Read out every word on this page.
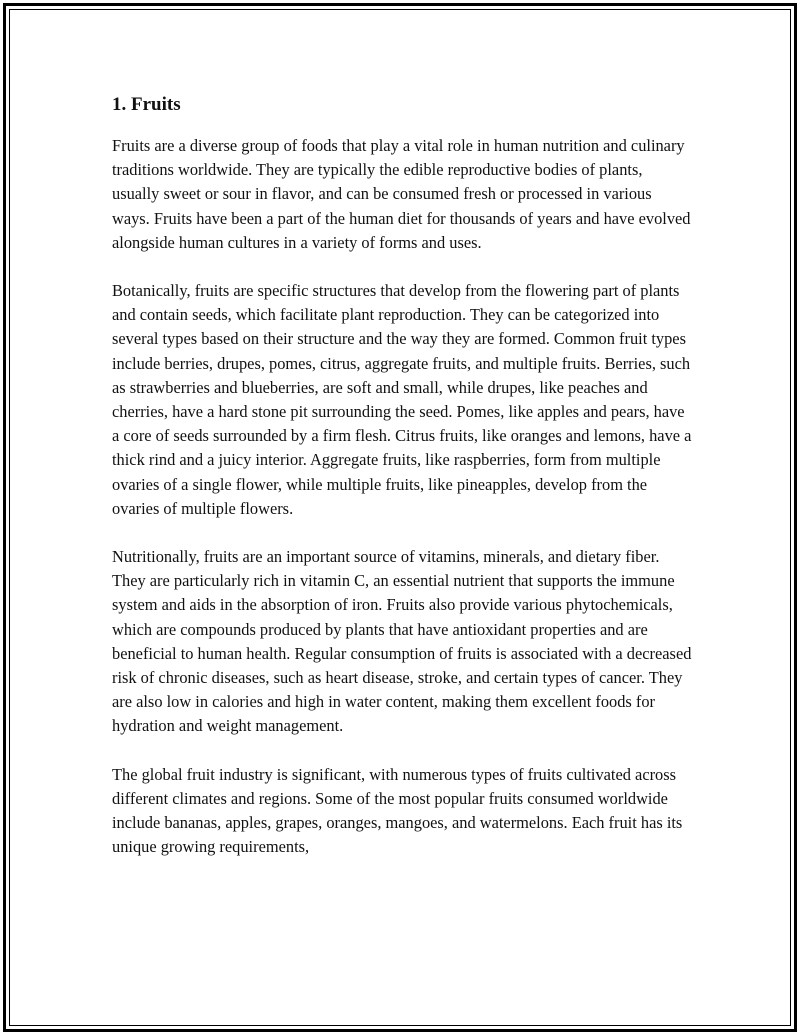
1. Fruits

Fruits are a diverse group of foods that play a vital role in human nutrition and culinary traditions worldwide. They are typically the edible reproductive bodies of plants, usually sweet or sour in flavor, and can be consumed fresh or processed in various ways. Fruits have been a part of the human diet for thousands of years and have evolved alongside human cultures in a variety of forms and uses.

Botanically, fruits are specific structures that develop from the flowering part of plants and contain seeds, which facilitate plant reproduction. They can be categorized into several types based on their structure and the way they are formed. Common fruit types include berries, drupes, pomes, citrus, aggregate fruits, and multiple fruits. Berries, such as strawberries and blueberries, are soft and small, while drupes, like peaches and cherries, have a hard stone pit surrounding the seed. Pomes, like apples and pears, have a core of seeds surrounded by a firm flesh. Citrus fruits, like oranges and lemons, have a thick rind and a juicy interior. Aggregate fruits, like raspberries, form from multiple ovaries of a single flower, while multiple fruits, like pineapples, develop from the ovaries of multiple flowers.

Nutritionally, fruits are an important source of vitamins, minerals, and dietary fiber. They are particularly rich in vitamin C, an essential nutrient that supports the immune system and aids in the absorption of iron. Fruits also provide various phytochemicals, which are compounds produced by plants that have antioxidant properties and are beneficial to human health. Regular consumption of fruits is associated with a decreased risk of chronic diseases, such as heart disease, stroke, and certain types of cancer. They are also low in calories and high in water content, making them excellent foods for hydration and weight management.

The global fruit industry is significant, with numerous types of fruits cultivated across different climates and regions. Some of the most popular fruits consumed worldwide include bananas, apples, grapes, oranges, mangoes, and watermelons. Each fruit has its unique growing requirements,
